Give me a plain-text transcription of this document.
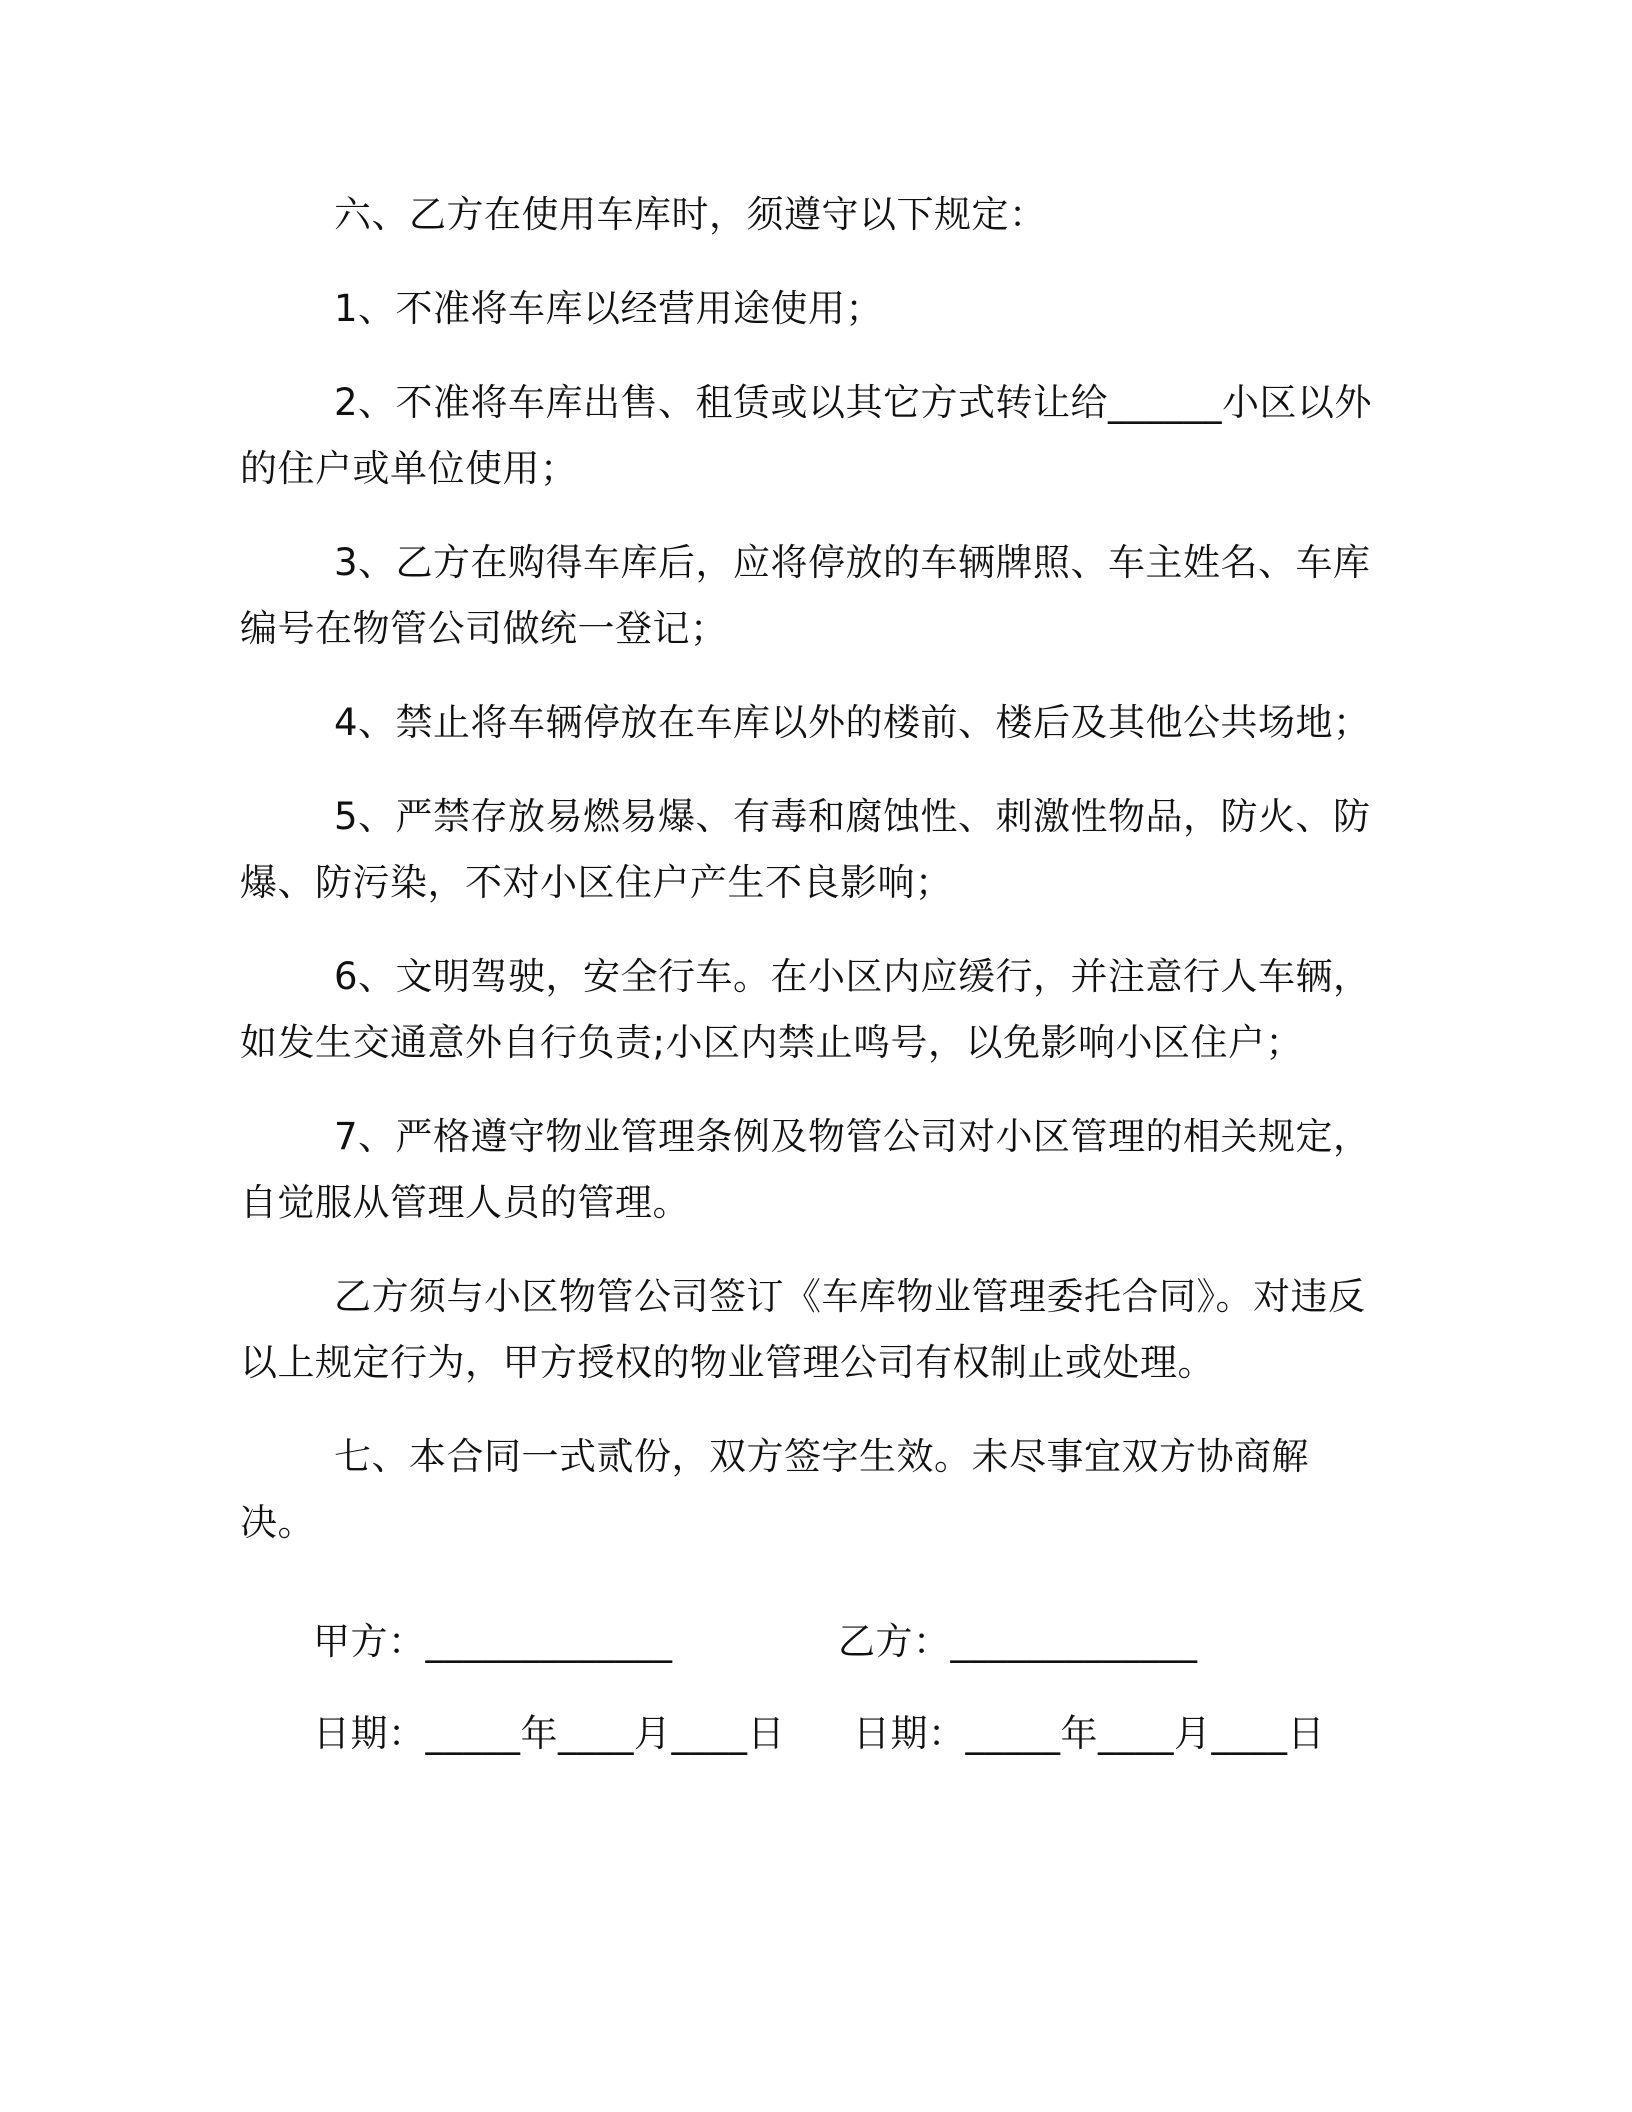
六、乙方在使用车库时，须遵守以下规定：

1、不准将车库以经营用途使用；

2、不准将车库出售、租赁或以其它方式转让给______小区以外的住户或单位使用；

3、乙方在购得车库后，应将停放的车辆牌照、车主姓名、车库编号在物管公司做统一登记；

4、禁止将车辆停放在车库以外的楼前、楼后及其他公共场地；

5、严禁存放易燃易爆、有毒和腐蚀性、刺激性物品，防火、防爆、防污染，不对小区住户产生不良影响；

6、文明驾驶，安全行车。在小区内应缓行，并注意行人车辆，如发生交通意外自行负责;小区内禁止鸣号，以免影响小区住户；

7、严格遵守物业管理条例及物管公司对小区管理的相关规定，自觉服从管理人员的管理。

乙方须与小区物管公司签订《车库物业管理委托合同》。对违反以上规定行为，甲方授权的物业管理公司有权制止或处理。

七、本合同一式贰份，双方签字生效。未尽事宜双方协商解决。

甲方：_____________	乙方：_____________
日期：_____年____月____日 日期：_____年____月____日
